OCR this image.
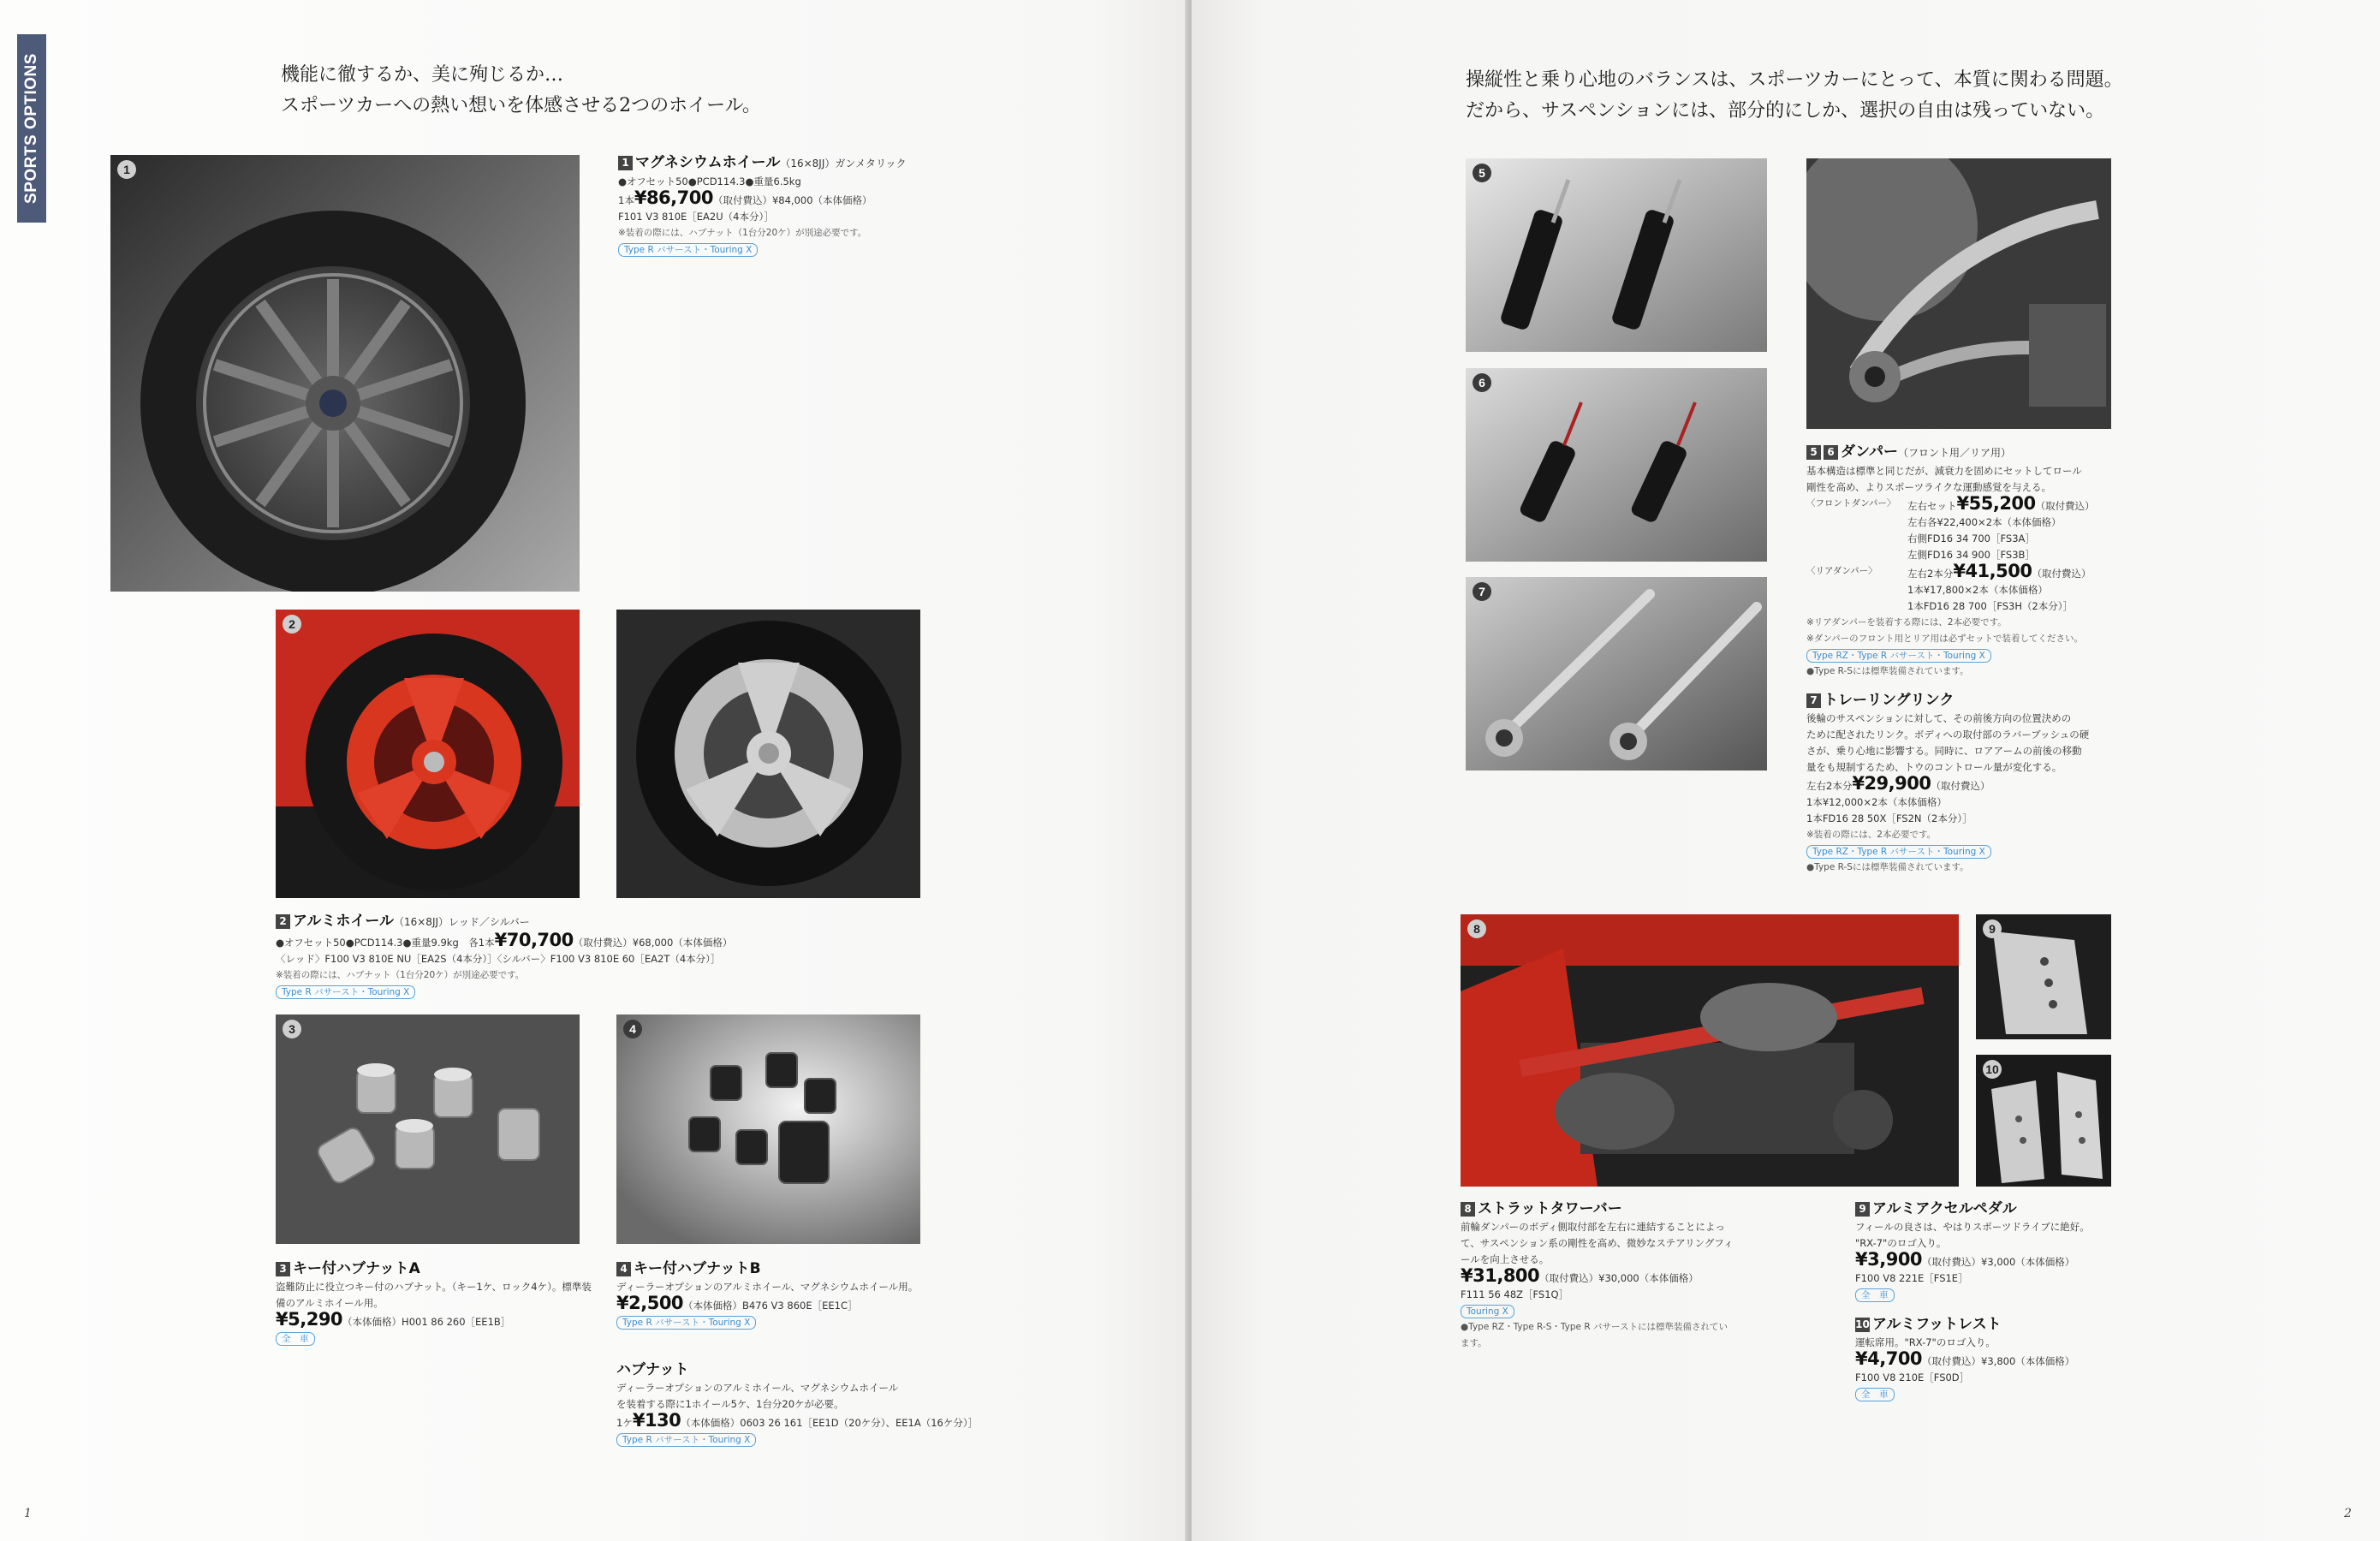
SPORTS OPTIONS	機能に徹するか、美に殉じるか…
スポーツカーへの熱い想いを体感させる2つのホイール。
1	1 マグネシウムホイール（16×8JJ）ガンメタリック
●オフセット50●PCD114.3●重量6.5kg
1本¥86,700（取付費込）¥84,000（本体価格）
F101 V3 810E［EA2U（4本分）］
※装着の際には、ハブナット（1台分20ケ）が別途必要です。
Type R バサースト・Touring X
2
2 アルミホイール（16×8JJ）レッド／シルバー
●オフセット50●PCD114.3●重量9.9kg　 各1本¥70,700（取付費込）¥68,000（本体価格）
〈レッド〉F100 V3 810E NU［EA2S（4本分）］〈シルバー〉F100 V3 810E 60［EA2T（4本分）］
※装着の際には、ハブナット（1台分20ケ）が別途必要です。
Type R バサースト・Touring X
3	4
3 キー付ハブナットA
盗難防止に役立つキー付のハブナット。（キー1ケ、ロック4ケ）。標準装備のアルミホイール用。
¥5,290（本体価格）H001 86 260［EE1B］
全　車
4 キー付ハブナットB
ディーラーオプションのアルミホイール、マグネシウムホイール用。
¥2,500（本体価格）B476 V3 860E［EE1C］
Type R バサースト・Touring X
ハブナット
ディーラーオプションのアルミホイール、マグネシウムホイール
を装着する際に1ホイール5ケ、1台分20ケが必要。
1ケ¥130（本体価格）0603 26 161［EE1D（20ケ分）、EE1A（16ケ分）］
Type R バサースト・Touring X
1
操縦性と乗り心地のバランスは、スポーツカーにとって、本質に関わる問題。
だから、サスペンションには、部分的にしか、選択の自由は残っていない。
5
6
7
5 6 ダンパー（フロント用／リア用）
基本構造は標準と同じだが、減衰力を固めにセットしてロール
剛性を高め、よりスポーツライクな運動感覚を与える。
〈フロントダンパー〉	左右セット¥55,200（取付費込）
左右各¥22,400×2本（本体価格）
右側FD16 34 700［FS3A］
左側FD16 34 900［FS3B］
〈リアダンパー〉	左右2本分¥41,500（取付費込）
1本¥17,800×2本（本体価格）
1本FD16 28 700［FS3H（2本分）］
※リアダンパーを装着する際には、2本必要です。
※ダンパーのフロント用とリア用は必ずセットで装着してください。
Type RZ・Type R バサースト・Touring X
●Type R-Sには標準装備されています。
7 トレーリングリンク
後輪のサスペンションに対して、その前後方向の位置決めの
ために配されたリンク。ボディへの取付部のラバーブッシュの硬
さが、乗り心地に影響する。同時に、ロアアームの前後の移動
量をも規制するため、トウのコントロール量が変化する。
左右2本分¥29,900（取付費込）
1本¥12,000×2本（本体価格）
1本FD16 28 50X［FS2N（2本分）］
※装着の際には、2本必要です。
Type RZ・Type R バサースト・Touring X
●Type R-Sには標準装備されています。
8	9
10
8 ストラットタワーバー
前輪ダンパーのボディ側取付部を左右に連結することによっ
て、サスペンション系の剛性を高め、微妙なステアリングフィ
ールを向上させる。
¥31,800（取付費込）¥30,000（本体価格）
F111 56 48Z［FS1Q］
Touring X
●Type RZ・Type R-S・Type R バサーストには標準装備されてい
ます。
9 アルミアクセルペダル
フィールの良さは、やはりスポーツドライブに絶好。
"RX-7"のロゴ入り。
¥3,900（取付費込）¥3,000（本体価格）
F100 V8 221E［FS1E］
全　車
10 アルミフットレスト
運転席用。"RX-7"のロゴ入り。
¥4,700（取付費込）¥3,800（本体価格）
F100 V8 210E［FS0D］
全　車
2
